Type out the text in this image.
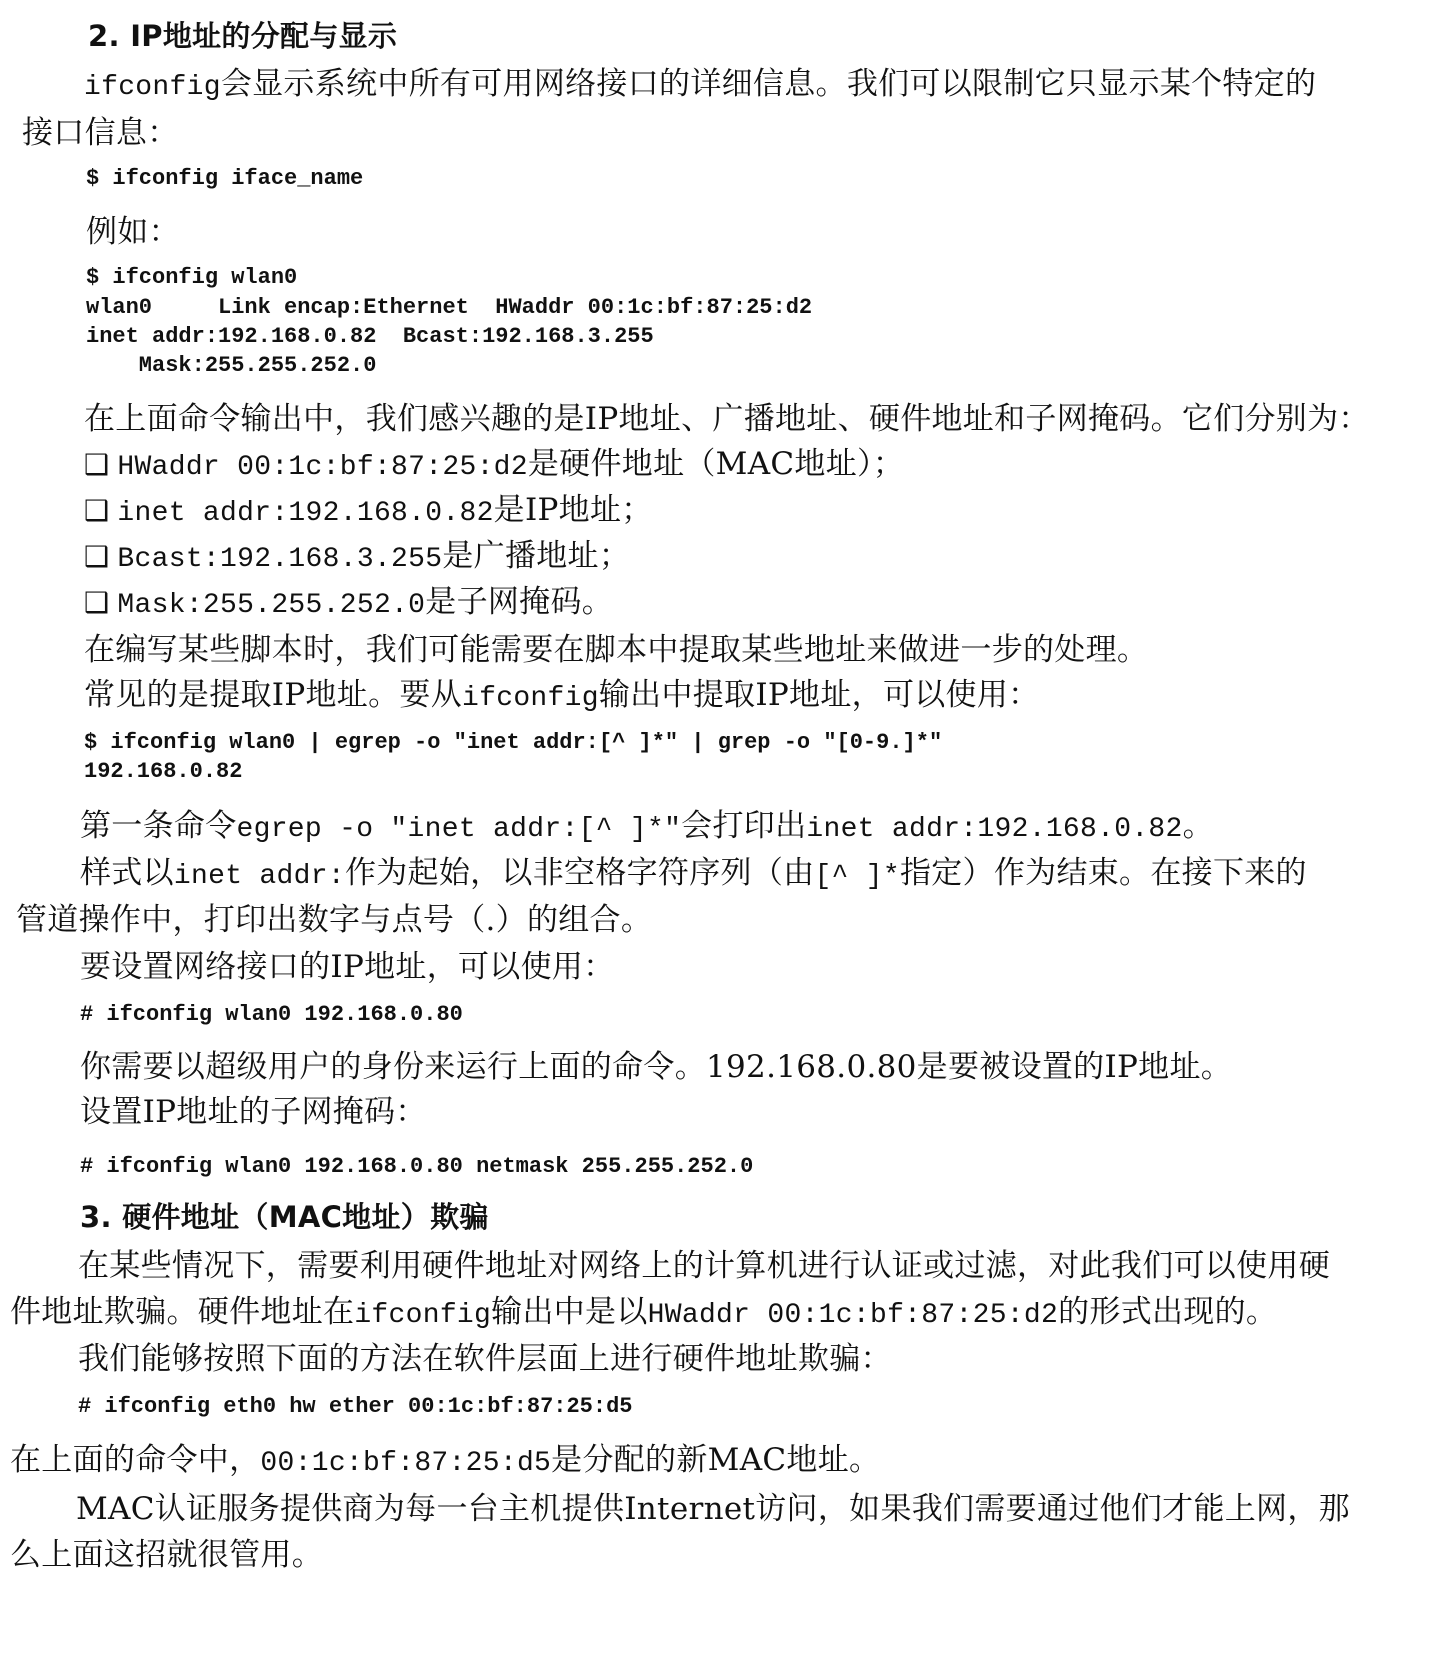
2. IP地址的分配与显示
ifconfig会显示系统中所有可用网络接口的详细信息。我们可以限制它只显示某个特定的
接口信息：
$ ifconfig iface_name
例如：
$ ifconfig wlan0
wlan0     Link encap:Ethernet  HWaddr 00:1c:bf:87:25:d2
inet addr:192.168.0.82  Bcast:192.168.3.255
Mask:255.255.252.0
在上面命令输出中，我们感兴趣的是IP地址、广播地址、硬件地址和子网掩码。它们分别为：
❑ HWaddr 00:1c:bf:87:25:d2是硬件地址（MAC地址）；
❑ inet addr:192.168.0.82是IP地址；
❑ Bcast:192.168.3.255是广播地址；
❑ Mask:255.255.252.0是子网掩码。
在编写某些脚本时，我们可能需要在脚本中提取某些地址来做进一步的处理。
常见的是提取IP地址。要从ifconfig输出中提取IP地址，可以使用：
$ ifconfig wlan0 | egrep -o "inet addr:[^ ]*" | grep -o "[0-9.]*"
192.168.0.82
第一条命令egrep -o "inet addr:[^ ]*"会打印出inet addr:192.168.0.82。
样式以inet addr:作为起始，以非空格字符序列（由[^ ]*指定）作为结束。在接下来的
管道操作中，打印出数字与点号（.）的组合。
要设置网络接口的IP地址，可以使用：
# ifconfig wlan0 192.168.0.80
你需要以超级用户的身份来运行上面的命令。192.168.0.80是要被设置的IP地址。
设置IP地址的子网掩码：
# ifconfig wlan0 192.168.0.80 netmask 255.255.252.0
3. 硬件地址（MAC地址）欺骗
在某些情况下，需要利用硬件地址对网络上的计算机进行认证或过滤，对此我们可以使用硬
件地址欺骗。硬件地址在ifconfig输出中是以HWaddr 00:1c:bf:87:25:d2的形式出现的。
我们能够按照下面的方法在软件层面上进行硬件地址欺骗：
# ifconfig eth0 hw ether 00:1c:bf:87:25:d5
在上面的命令中，00:1c:bf:87:25:d5是分配的新MAC地址。
MAC认证服务提供商为每一台主机提供Internet访问，如果我们需要通过他们才能上网，那
么上面这招就很管用。
